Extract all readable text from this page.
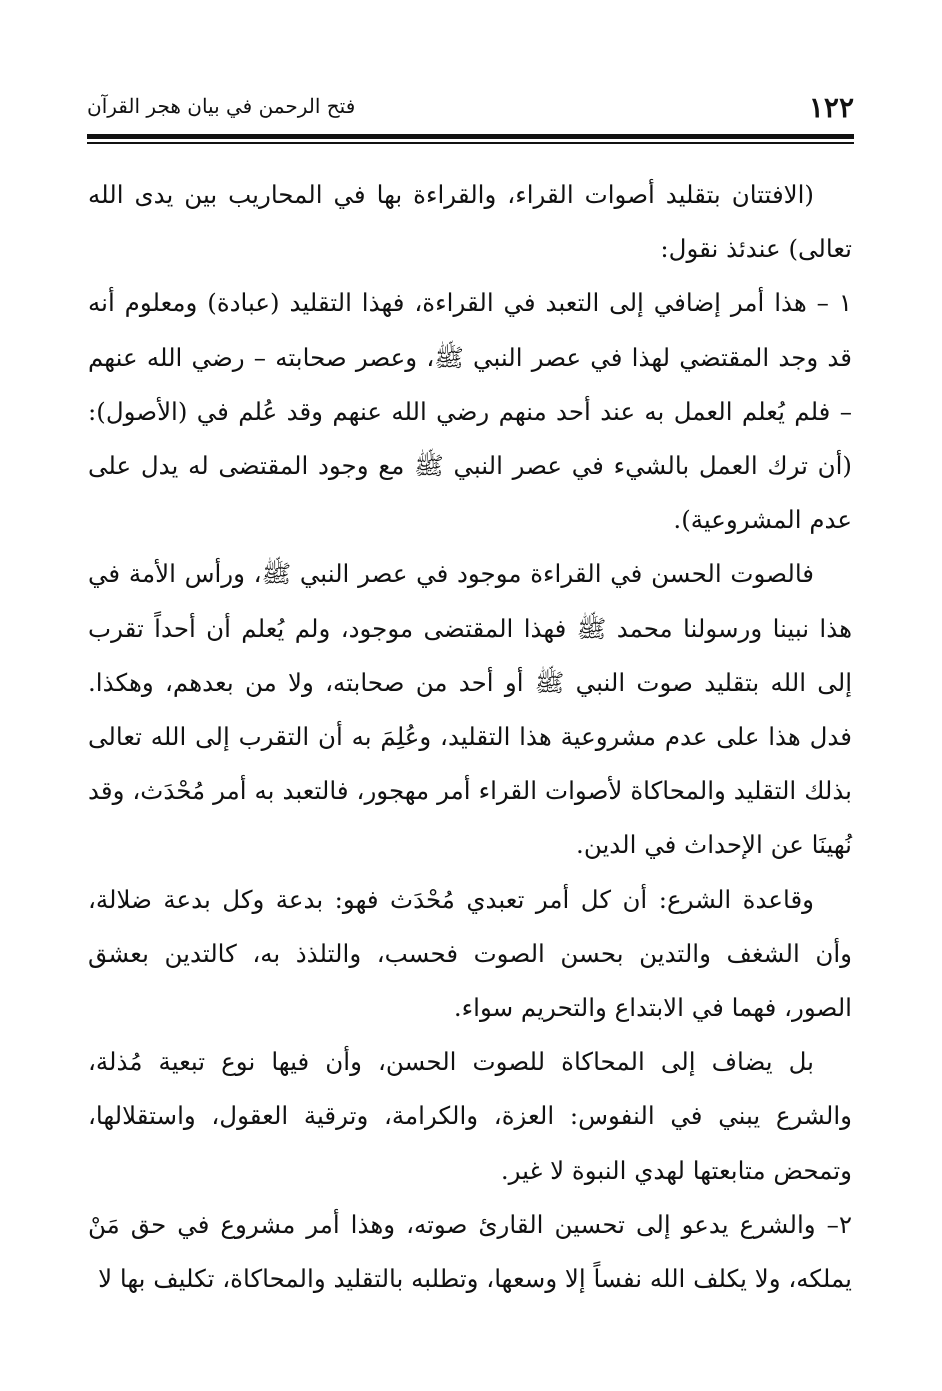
١٢٢
فتح الرحمن في بيان هجر القرآن

(الافتتان بتقليد أصوات القراء، والقراءة بها في المحاريب بين يدى الله تعالى) عندئذ نقول:

١ – هذا أمر إضافي إلى التعبد في القراءة، فهذا التقليد (عبادة) ومعلوم أنه قد وجد المقتضي لهذا في عصر النبي ﷺ، وعصر صحابته – رضي الله عنهم – فلم يُعلم العمل به عند أحد منهم رضي الله عنهم وقد عُلم في (الأصول): (أن ترك العمل بالشيء في عصر النبي ﷺ مع وجود المقتضى له يدل على عدم المشروعية).

فالصوت الحسن في القراءة موجود في عصر النبي ﷺ، ورأس الأمة في هذا نبينا ورسولنا محمد ﷺ فهذا المقتضى موجود، ولم يُعلم أن أحداً تقرب إلى الله بتقليد صوت النبي ﷺ أو أحد من صحابته، ولا من بعدهم، وهكذا. فدل هذا على عدم مشروعية هذا التقليد، وعُلِمَ به أن التقرب إلى الله تعالى بذلك التقليد والمحاكاة لأصوات القراء أمر مهجور، فالتعبد به أمر مُحْدَث، وقد نُهينَا عن الإحداث في الدين.

وقاعدة الشرع: أن كل أمر تعبدي مُحْدَث فهو: بدعة وكل بدعة ضلالة، وأن الشغف والتدين بحسن الصوت فحسب، والتلذذ به، كالتدين بعشق الصور، فهما في الابتداع والتحريم سواء.

بل يضاف إلى المحاكاة للصوت الحسن، وأن فيها نوع تبعية مُذلة، والشرع يبني في النفوس: العزة، والكرامة، وترقية العقول، واستقلالها، وتمحض متابعتها لهدي النبوة لا غير.

٢– والشرع يدعو إلى تحسين القارئ صوته، وهذا أمر مشروع في حق مَنْ يملكه، ولا يكلف الله نفساً إلا وسعها، وتطلبه بالتقليد والمحاكاة، تكليف بها لا
